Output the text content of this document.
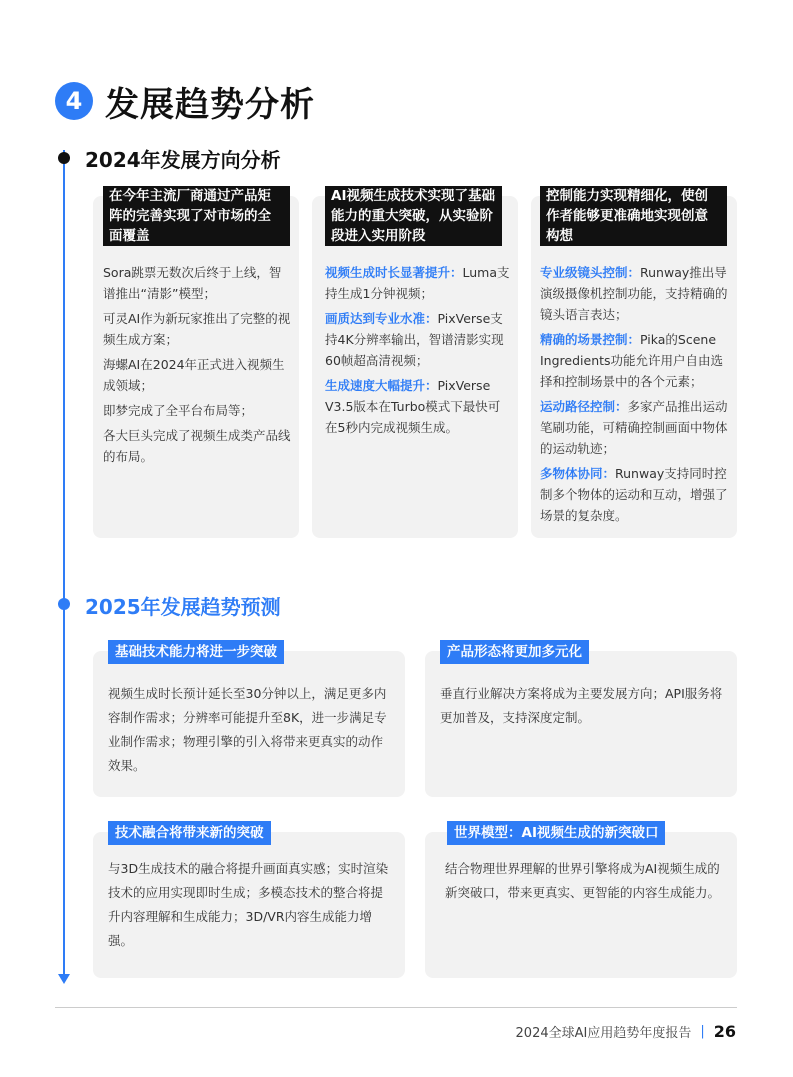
4 发展趋势分析
2024年发展方向分析
2025年发展趋势预测
在今年主流厂商通过产品矩阵的完善实现了对市场的全面覆盖
AI视频生成技术实现了基础能力的重大突破，从实验阶段进入实用阶段
控制能力实现精细化，使创作者能够更准确地实现创意构想

Sora跳票无数次后终于上线，智谱推出“清影”模型；

可灵AI作为新玩家推出了完整的视频生成方案；

海螺AI在2024年正式进入视频生成领域；

即梦完成了全平台布局等；

各大巨头完成了视频生成类产品线的布局。

视频生成时长显著提升：Luma支持生成1分钟视频；

画质达到专业水准：PixVerse支持4K分辨率输出，智谱清影实现60帧超高清视频；

生成速度大幅提升：PixVerse V3.5版本在Turbo模式下最快可在5秒内完成视频生成。

专业级镜头控制：Runway推出导演级摄像机控制功能，支持精确的镜头语言表达；

精确的场景控制：Pika的Scene Ingredients功能允许用户自由选择和控制场景中的各个元素；

运动路径控制：多家产品推出运动笔刷功能，可精确控制画面中物体的运动轨迹；

多物体协同：Runway支持同时控制多个物体的运动和互动，增强了场景的复杂度。

基础技术能力将进一步突破	产品形态将更加多元化
技术融合将带来新的突破	世界模型：AI视频生成的新突破口
视频生成时长预计延长至30分钟以上，满足更多内容制作需求；分辨率可能提升至8K，进一步满足专业制作需求；物理引擎的引入将带来更真实的动作效果。
垂直行业解决方案将成为主要发展方向；API服务将更加普及，支持深度定制。
与3D生成技术的融合将提升画面真实感；实时渲染技术的应用实现即时生成；多模态技术的整合将提升内容理解和生成能力；3D/VR内容生成能力增强。
结合物理世界理解的世界引擎将成为AI视频生成的新突破口，带来更真实、更智能的内容生成能力。
2024全球AI应用趋势年度报告 | 26
